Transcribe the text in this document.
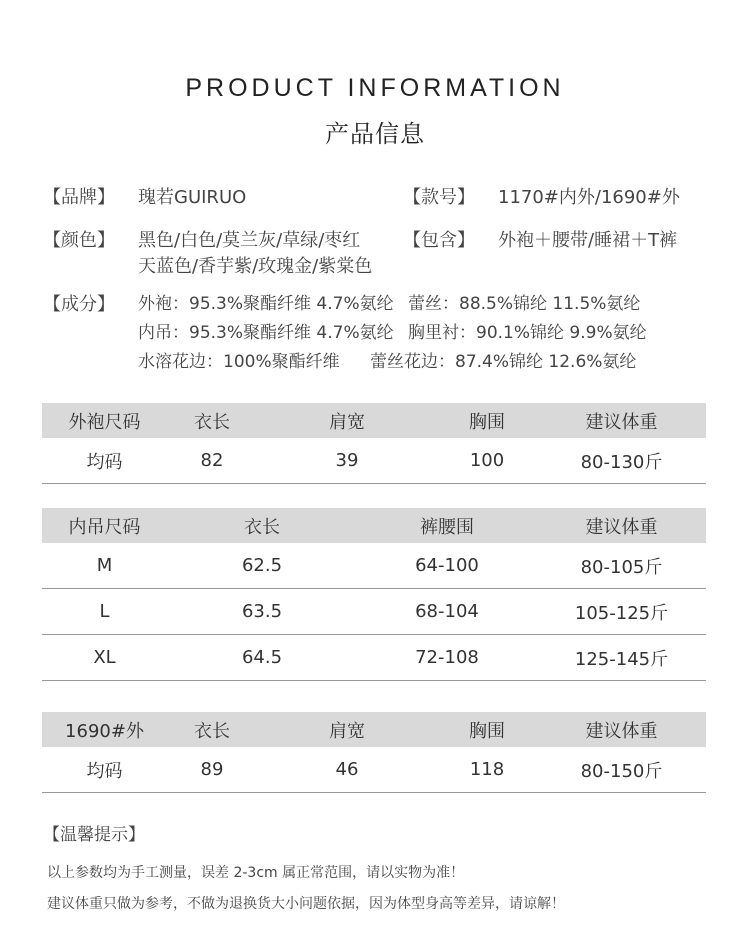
PRODUCT INFORMATION
产品信息
【品牌】 瑰若GUIRUO	【款号】 1170#内外/1690#外
【颜色】 黑色/白色/莫兰灰/草绿/枣红
天蓝色/香芋紫/玫瑰金/紫棠色
【包含】 外袍＋腰带/睡裙＋T裤
【成分】 外袍：95.3%聚酯纤维 4.7%氨纶 蕾丝：88.5%锦纶 11.5%氨纶
内吊：95.3%聚酯纤维 4.7%氨纶 胸里衬：90.1%锦纶 9.9%氨纶
水溶花边：100%聚酯纤维 蕾丝花边：87.4%锦纶 12.6%氨纶
外袍尺码	衣长	肩宽	胸围	建议体重
均码	82	39	100	80-130斤
内吊尺码	衣长	裤腰围	建议体重
M	62.5	64-100	80-105斤
L	63.5	68-104	105-125斤
XL	64.5	72-108	125-145斤
1690#外	衣长	肩宽	胸围	建议体重
均码	89	46	118	80-150斤
【温馨提示】
以上参数均为手工测量，误差 2-3cm 属正常范围，请以实物为准！
建议体重只做为参考，不做为退换货大小问题依据，因为体型身高等差异，请谅解！
